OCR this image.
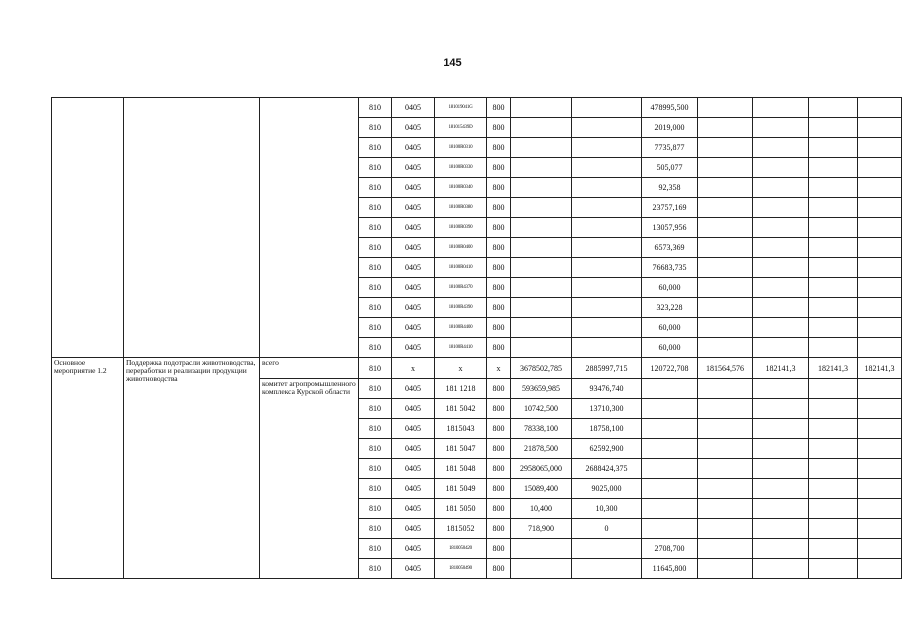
145
			810	0405	181019041G	800			478995,500				
			810	0405	181015439D	800			2019,000				
			810	0405	18100R0310	800			7735,877				
			810	0405	18100R0330	800			505,077				
			810	0405	18100R0340	800			92,358				
			810	0405	18100R0380	800			23757,169				
			810	0405	18100R0390	800			13057,956				
			810	0405	18100R0400	800			6573,369				
			810	0405	18100R0410	800			76683,735				
			810	0405	18100R4370	800			60,000				
			810	0405	18100R4390	800			323,228				
			810	0405	18100R4400	800			60,000				
			810	0405	18100R4410	800			60,000				
Основное мероприятие 1.2	Поддержка подотрасли животноводства, переработки и реализации продукции животноводства	всего	810	x	x	x	3678502,785	2885997,715	120722,708	181564,576	182141,3	182141,3	182141,3
		комитет агропромышленного комплекса Курской области	810	0405	181 1218	800	593659,985	93476,740					
			810	0405	181 5042	800	10742,500	13710,300					
			810	0405	1815043	800	78338,100	18758,100					
			810	0405	181 5047	800	21878,500	62592,900					
			810	0405	181 5048	800	2958065,000	2688424,375					
			810	0405	181 5049	800	15089,400	9025,000					
			810	0405	181 5050	800	10,400	10,300					
			810	0405	1815052	800	718,900	0					
			810	0405	1810050420	800			2708,700				
			810	0405	1810050490	800			11645,800				
